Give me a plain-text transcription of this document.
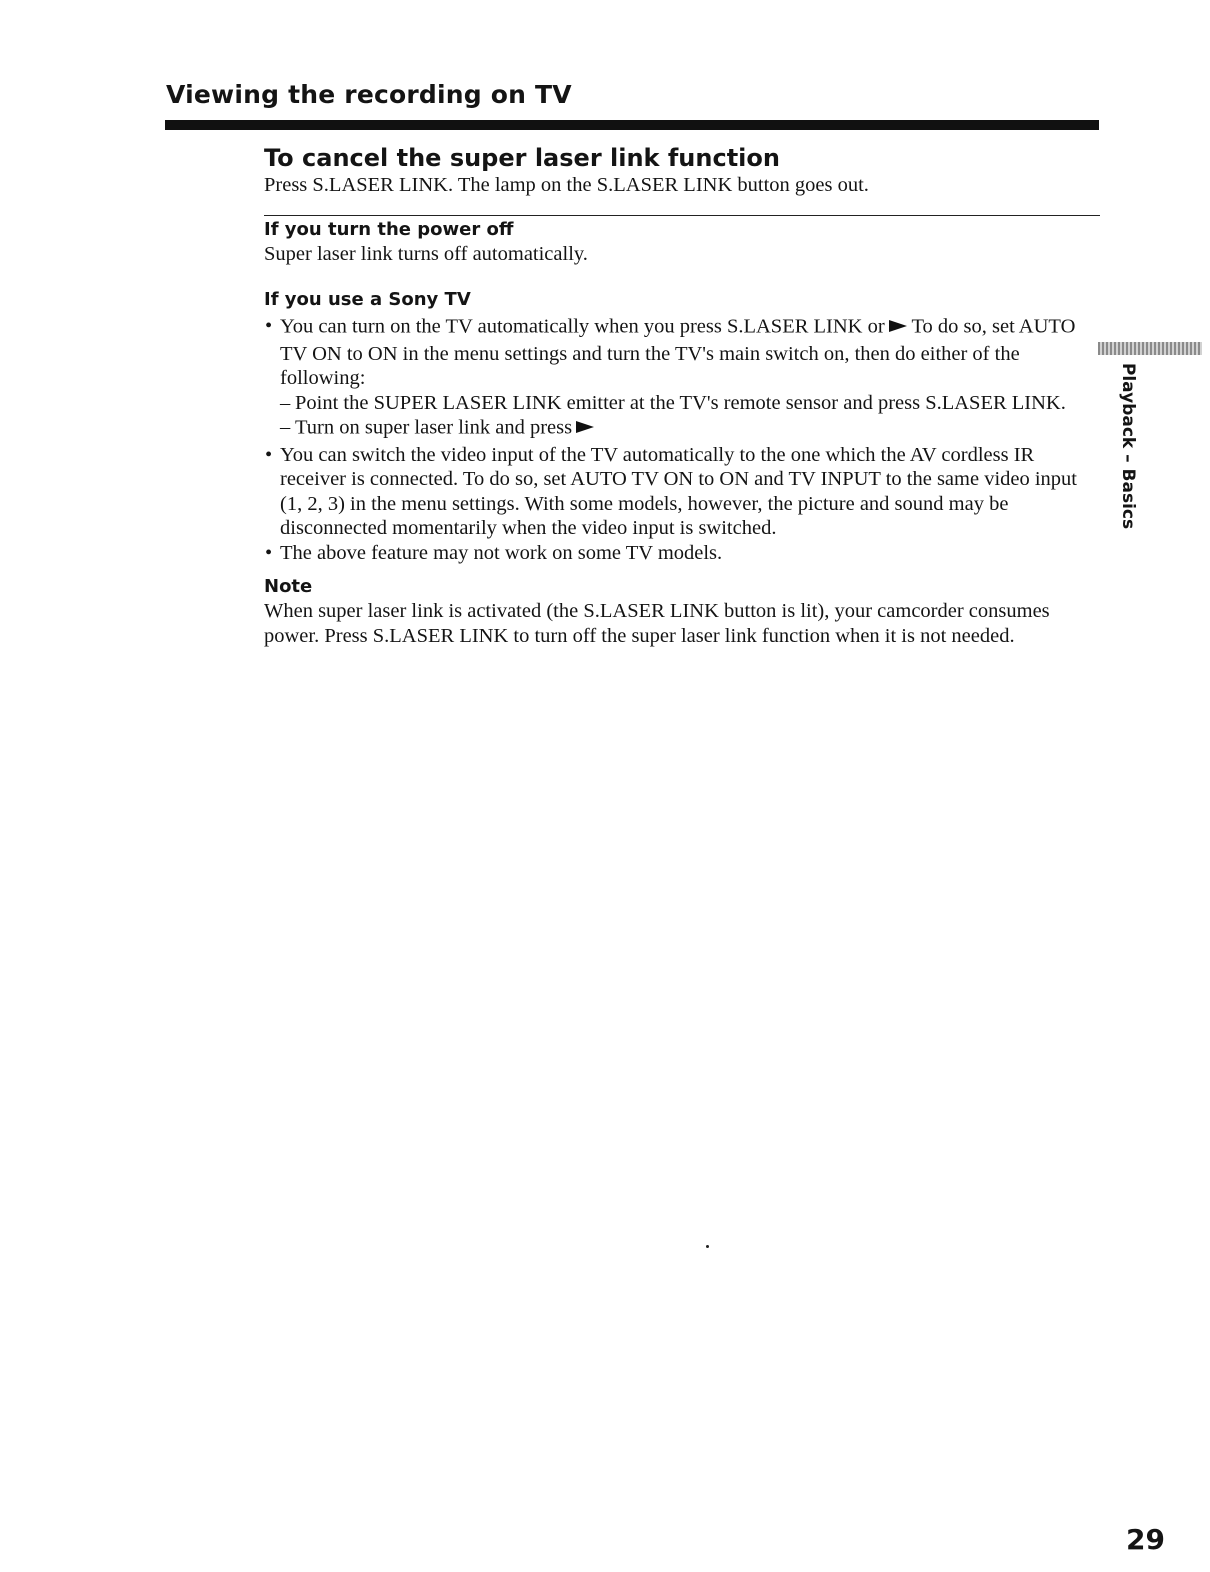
Viewing the recording on TV
To cancel the super laser link function

Press S.LASER LINK. The lamp on the S.LASER LINK button goes out.

If you turn the power off

Super laser link turns off automatically.

If you use a Sony TV
• You can turn on the TV automatically when you press S.LASER LINK or To do so, set AUTO TV ON to ON in the menu settings and turn the TV's main switch on, then do either of the following:
– Point the SUPER LASER LINK emitter at the TV's remote sensor and press S.LASER LINK.
– Turn on super laser link and press
• You can switch the video input of the TV automatically to the one which the AV cordless IR receiver is connected. To do so, set AUTO TV ON to ON and TV INPUT to the same video input (1, 2, 3) in the menu settings. With some models, however, the picture and sound may be disconnected momentarily when the video input is switched.
• The above feature may not work on some TV models.
Note

When super laser link is activated (the S.LASER LINK button is lit), your camcorder consumes power. Press S.LASER LINK to turn off the super laser link function when it is not needed.

Playback – Basics
29
